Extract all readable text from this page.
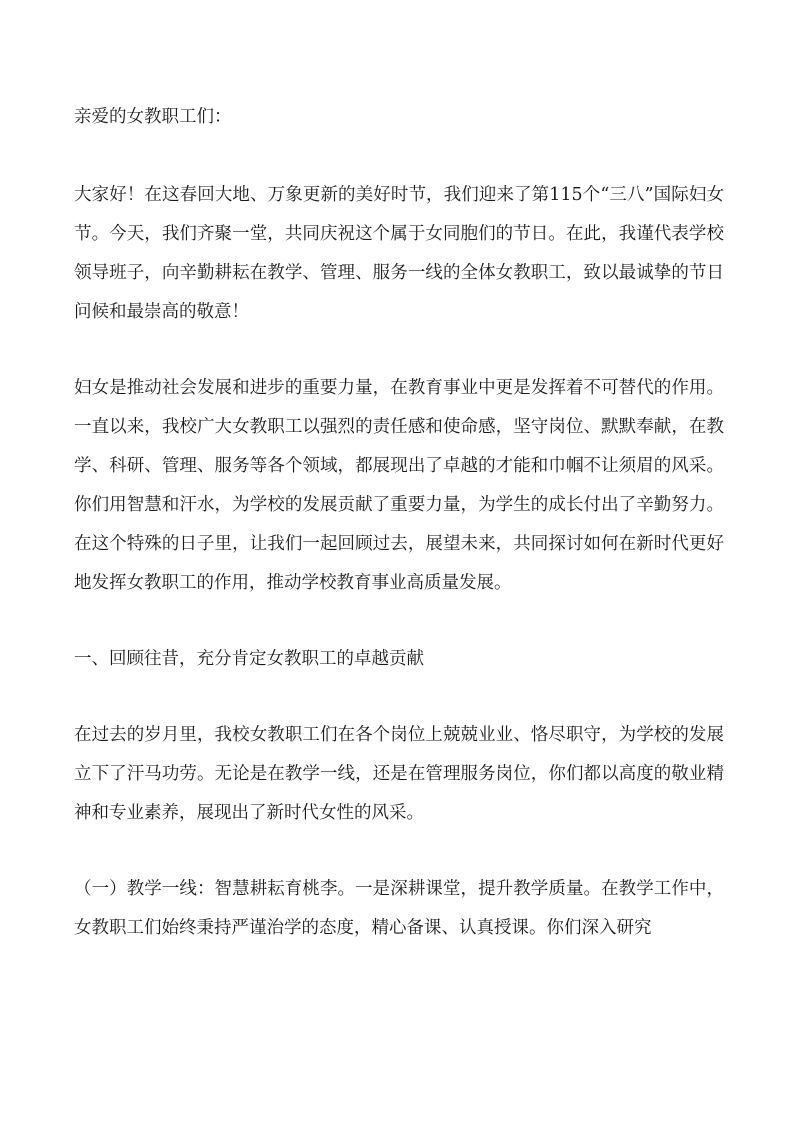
亲爱的女教职工们：

大家好！在这春回大地、万象更新的美好时节，我们迎来了第115个“三八”国际妇女节。今天，我们齐聚一堂，共同庆祝这个属于女同胞们的节日。在此，我谨代表学校领导班子，向辛勤耕耘在教学、管理、服务一线的全体女教职工，致以最诚挚的节日问候和最崇高的敬意！

妇女是推动社会发展和进步的重要力量，在教育事业中更是发挥着不可替代的作用。一直以来，我校广大女教职工以强烈的责任感和使命感，坚守岗位、默默奉献，在教学、科研、管理、服务等各个领域，都展现出了卓越的才能和巾帼不让须眉的风采。你们用智慧和汗水，为学校的发展贡献了重要力量，为学生的成长付出了辛勤努力。在这个特殊的日子里，让我们一起回顾过去，展望未来，共同探讨如何在新时代更好地发挥女教职工的作用，推动学校教育事业高质量发展。

一、回顾往昔，充分肯定女教职工的卓越贡献

在过去的岁月里，我校女教职工们在各个岗位上兢兢业业、恪尽职守，为学校的发展立下了汗马功劳。无论是在教学一线，还是在管理服务岗位，你们都以高度的敬业精神和专业素养，展现出了新时代女性的风采。

（一）教学一线：智慧耕耘育桃李。一是深耕课堂，提升教学质量。在教学工作中，女教职工们始终秉持严谨治学的态度，精心备课、认真授课。你们深入研究
